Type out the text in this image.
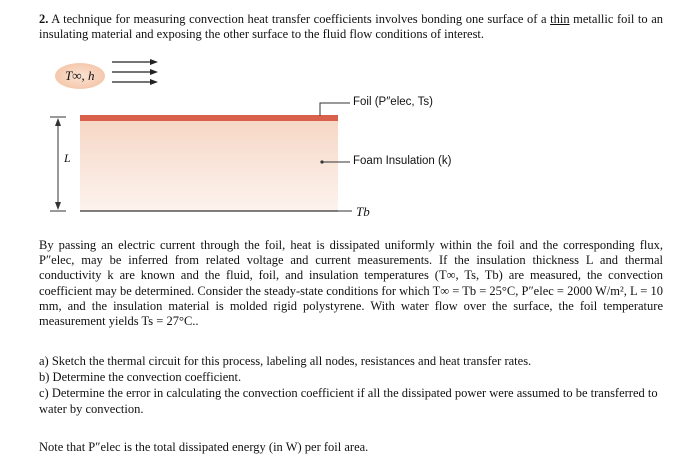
2. A technique for measuring convection heat transfer coefficients involves bonding one surface of a thin metallic foil to an insulating material and exposing the other surface to the fluid flow conditions of interest.
T∞, h
Foil (P″elec, Ts)
Foam Insulation (k)
Tb
L
By passing an electric current through the foil, heat is dissipated uniformly within the foil and the corresponding flux, P″elec, may be inferred from related voltage and current measurements. If the insulation thickness L and thermal conductivity k are known and the fluid, foil, and insulation temperatures (T∞, Ts, Tb) are measured, the convection coefficient may be determined. Consider the steady-state conditions for which T∞ = Tb = 25°C, P″elec = 2000 W/m², L = 10 mm, and the insulation material is molded rigid polystyrene. With water flow over the surface, the foil temperature measurement yields Ts = 27°C..
a) Sketch the thermal circuit for this process, labeling all nodes, resistances and heat transfer rates.
b) Determine the convection coefficient.
c) Determine the error in calculating the convection coefficient if all the dissipated power were assumed to be transferred to water by convection.
Note that P″elec is the total dissipated energy (in W) per foil area.
